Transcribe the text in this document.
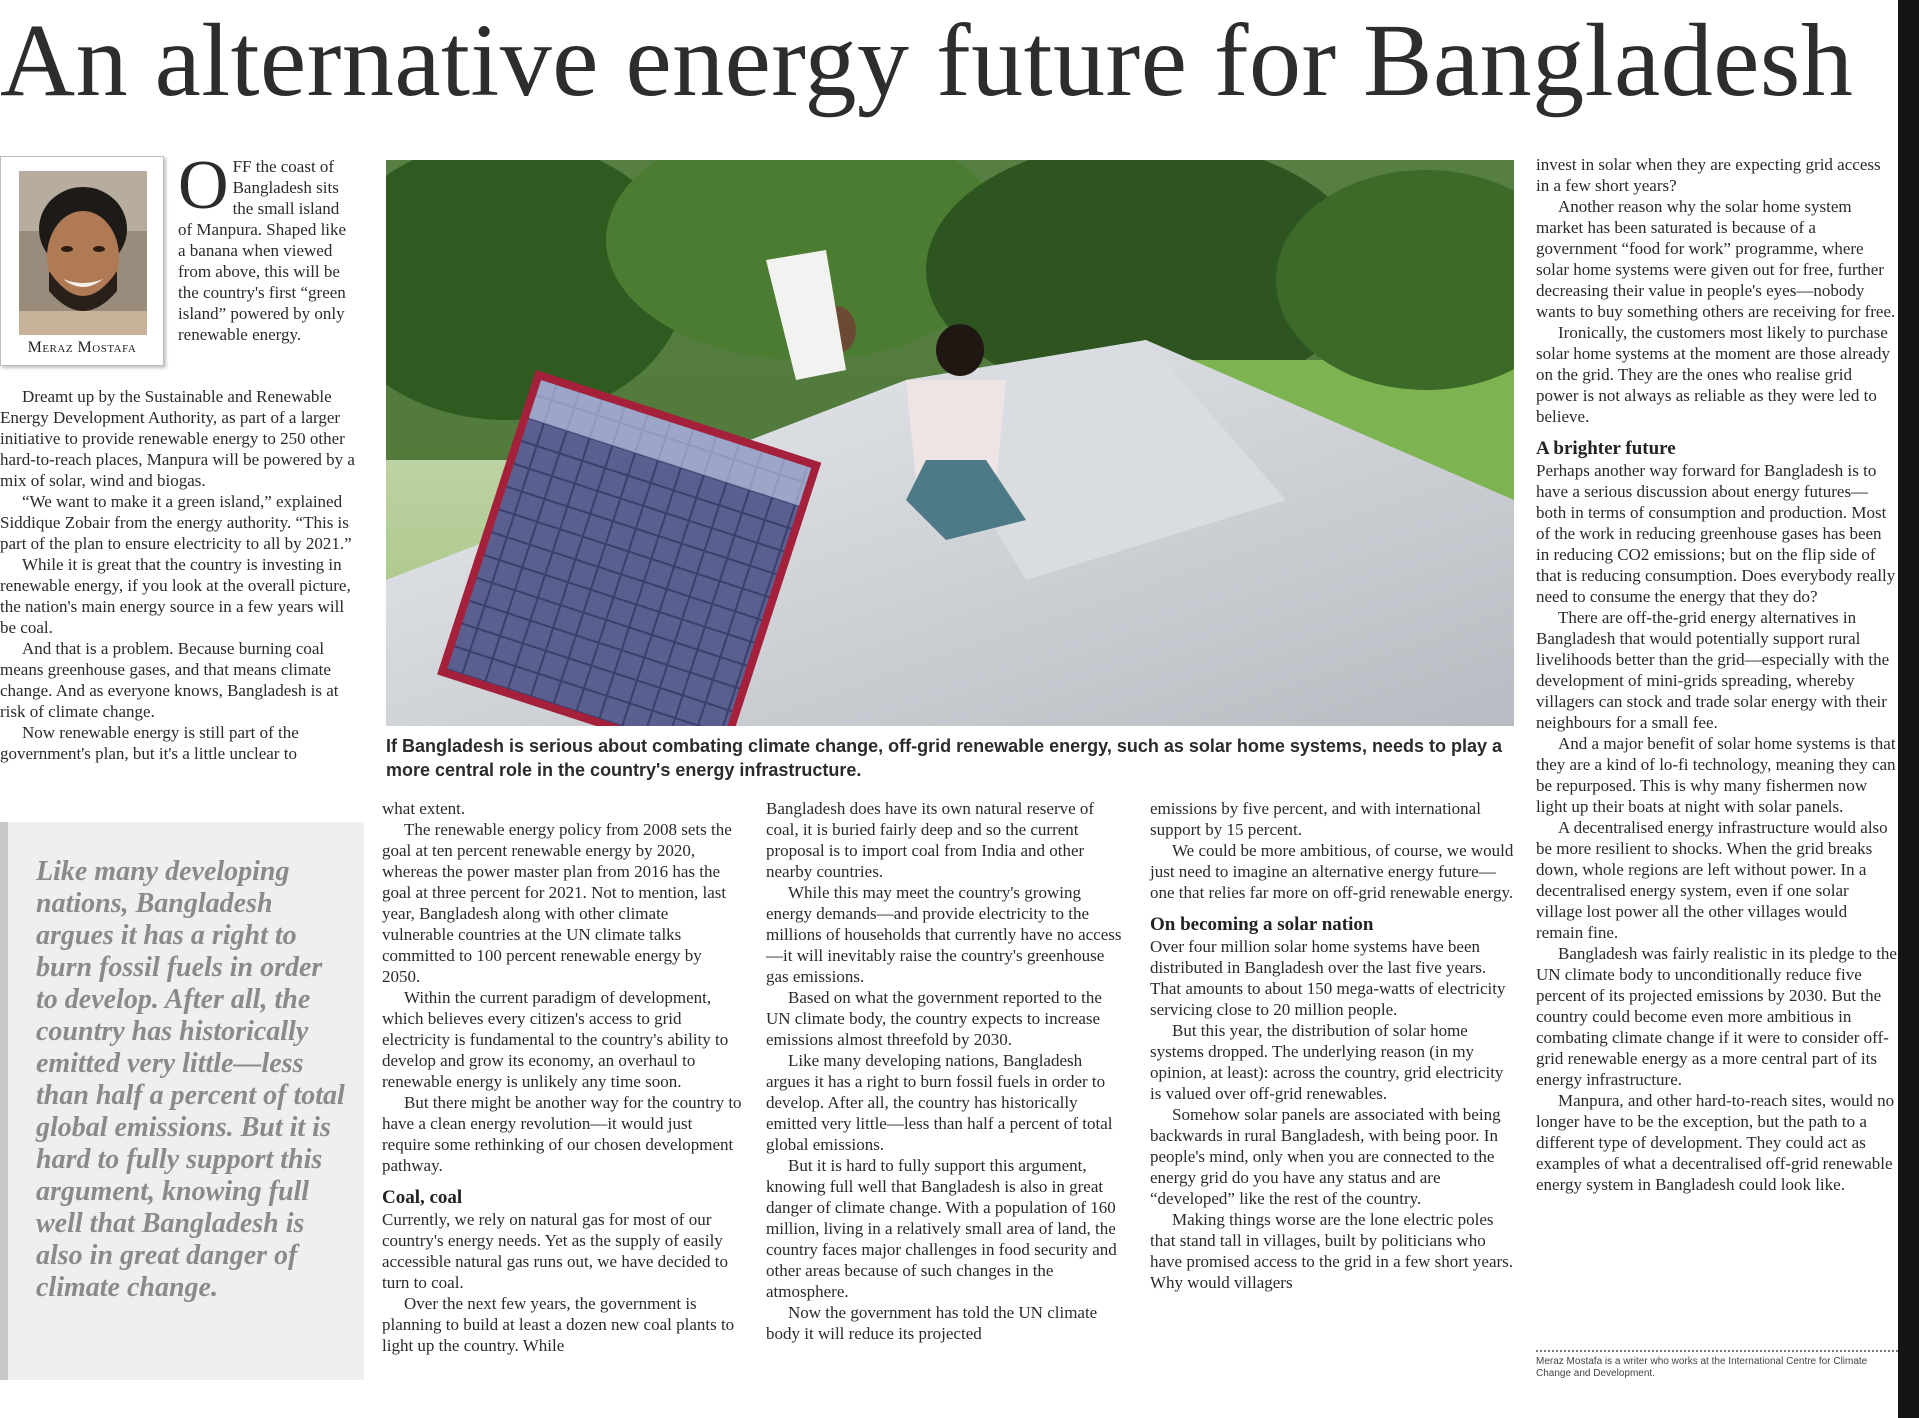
An alternative energy future for Bangladesh
Meraz Mostafa
O FF the coast of Bangladesh sits the small island of Manpura. Shaped like a banana when viewed from above, this will be the country's first “green island” powered by only renewable energy.

Dreamt up by the Sustainable and Renewable Energy Development Authority, as part of a larger initiative to provide renewable energy to 250 other hard-to-reach places, Manpura will be powered by a mix of solar, wind and biogas.

“We want to make it a green island,” explained Siddique Zobair from the energy authority. “This is part of the plan to ensure electricity to all by 2021.”

While it is great that the country is investing in renewable energy, if you look at the overall picture, the nation's main energy source in a few years will be coal.

And that is a problem. Because burning coal means greenhouse gases, and that means climate change. And as everyone knows, Bangladesh is at risk of climate change.

Now renewable energy is still part of the government's plan, but it's a little unclear to

Like many developing nations, Bangladesh argues it has a right to burn fossil fuels in order to develop. After all, the country has historically emitted very little—less than half a percent of total global emissions. But it is hard to fully support this argument, knowing full well that Bangladesh is also in great danger of climate change.
If Bangladesh is serious about combating climate change, off-grid renewable energy, such as solar home systems, needs to play a more central role in the country's energy infrastructure.

what extent.

The renewable energy policy from 2008 sets the goal at ten percent renewable energy by 2020, whereas the power master plan from 2016 has the goal at three percent for 2021. Not to mention, last year, Bangladesh along with other climate vulnerable countries at the UN climate talks committed to 100 percent renewable energy by 2050.

Within the current paradigm of development, which believes every citizen's access to grid electricity is fundamental to the country's ability to develop and grow its economy, an overhaul to renewable energy is unlikely any time soon.

But there might be another way for the country to have a clean energy revolution—it would just require some rethinking of our chosen development pathway.

Coal, coal

Currently, we rely on natural gas for most of our country's energy needs. Yet as the supply of easily accessible natural gas runs out, we have decided to turn to coal.

Over the next few years, the government is planning to build at least a dozen new coal plants to light up the country. While

Bangladesh does have its own natural reserve of coal, it is buried fairly deep and so the current proposal is to import coal from India and other nearby countries.

While this may meet the country's growing energy demands—and provide electricity to the millions of households that currently have no access—it will inevitably raise the country's greenhouse gas emissions.

Based on what the government reported to the UN climate body, the country expects to increase emissions almost threefold by 2030.

Like many developing nations, Bangladesh argues it has a right to burn fossil fuels in order to develop. After all, the country has historically emitted very little—less than half a percent of total global emissions.

But it is hard to fully support this argument, knowing full well that Bangladesh is also in great danger of climate change. With a population of 160 million, living in a relatively small area of land, the country faces major challenges in food security and other areas because of such changes in the atmosphere.

Now the government has told the UN climate body it will reduce its projected

emissions by five percent, and with international support by 15 percent.

We could be more ambitious, of course, we would just need to imagine an alternative energy future—one that relies far more on off-grid renewable energy.

On becoming a solar nation

Over four million solar home systems have been distributed in Bangladesh over the last five years. That amounts to about 150 mega-watts of electricity servicing close to 20 million people.

But this year, the distribution of solar home systems dropped. The underlying reason (in my opinion, at least): across the country, grid electricity is valued over off-grid renewables.

Somehow solar panels are associated with being backwards in rural Bangladesh, with being poor. In people's mind, only when you are connected to the energy grid do you have any status and are “developed” like the rest of the country.

Making things worse are the lone electric poles that stand tall in villages, built by politicians who have promised access to the grid in a few short years. Why would villagers

invest in solar when they are expecting grid access in a few short years?

Another reason why the solar home system market has been saturated is because of a government “food for work” programme, where solar home systems were given out for free, further decreasing their value in people's eyes—nobody wants to buy something others are receiving for free.

Ironically, the customers most likely to purchase solar home systems at the moment are those already on the grid. They are the ones who realise grid power is not always as reliable as they were led to believe.

A brighter future

Perhaps another way forward for Bangladesh is to have a serious discussion about energy futures—both in terms of consumption and production. Most of the work in reducing greenhouse gases has been in reducing CO2 emissions; but on the flip side of that is reducing consumption. Does everybody really need to consume the energy that they do?

There are off-the-grid energy alternatives in Bangladesh that would potentially support rural livelihoods better than the grid—especially with the development of mini-grids spreading, whereby villagers can stock and trade solar energy with their neighbours for a small fee.

And a major benefit of solar home systems is that they are a kind of lo-fi technology, meaning they can be repurposed. This is why many fishermen now light up their boats at night with solar panels.

A decentralised energy infrastructure would also be more resilient to shocks. When the grid breaks down, whole regions are left without power. In a decentralised energy system, even if one solar village lost power all the other villages would remain fine.

Bangladesh was fairly realistic in its pledge to the UN climate body to unconditionally reduce five percent of its projected emissions by 2030. But the country could become even more ambitious in combating climate change if it were to consider off-grid renewable energy as a more central part of its energy infrastructure.

Manpura, and other hard-to-reach sites, would no longer have to be the exception, but the path to a different type of development. They could act as examples of what a decentralised off-grid renewable energy system in Bangladesh could look like.

Meraz Mostafa is a writer who works at the International Centre for Climate Change and Development.
